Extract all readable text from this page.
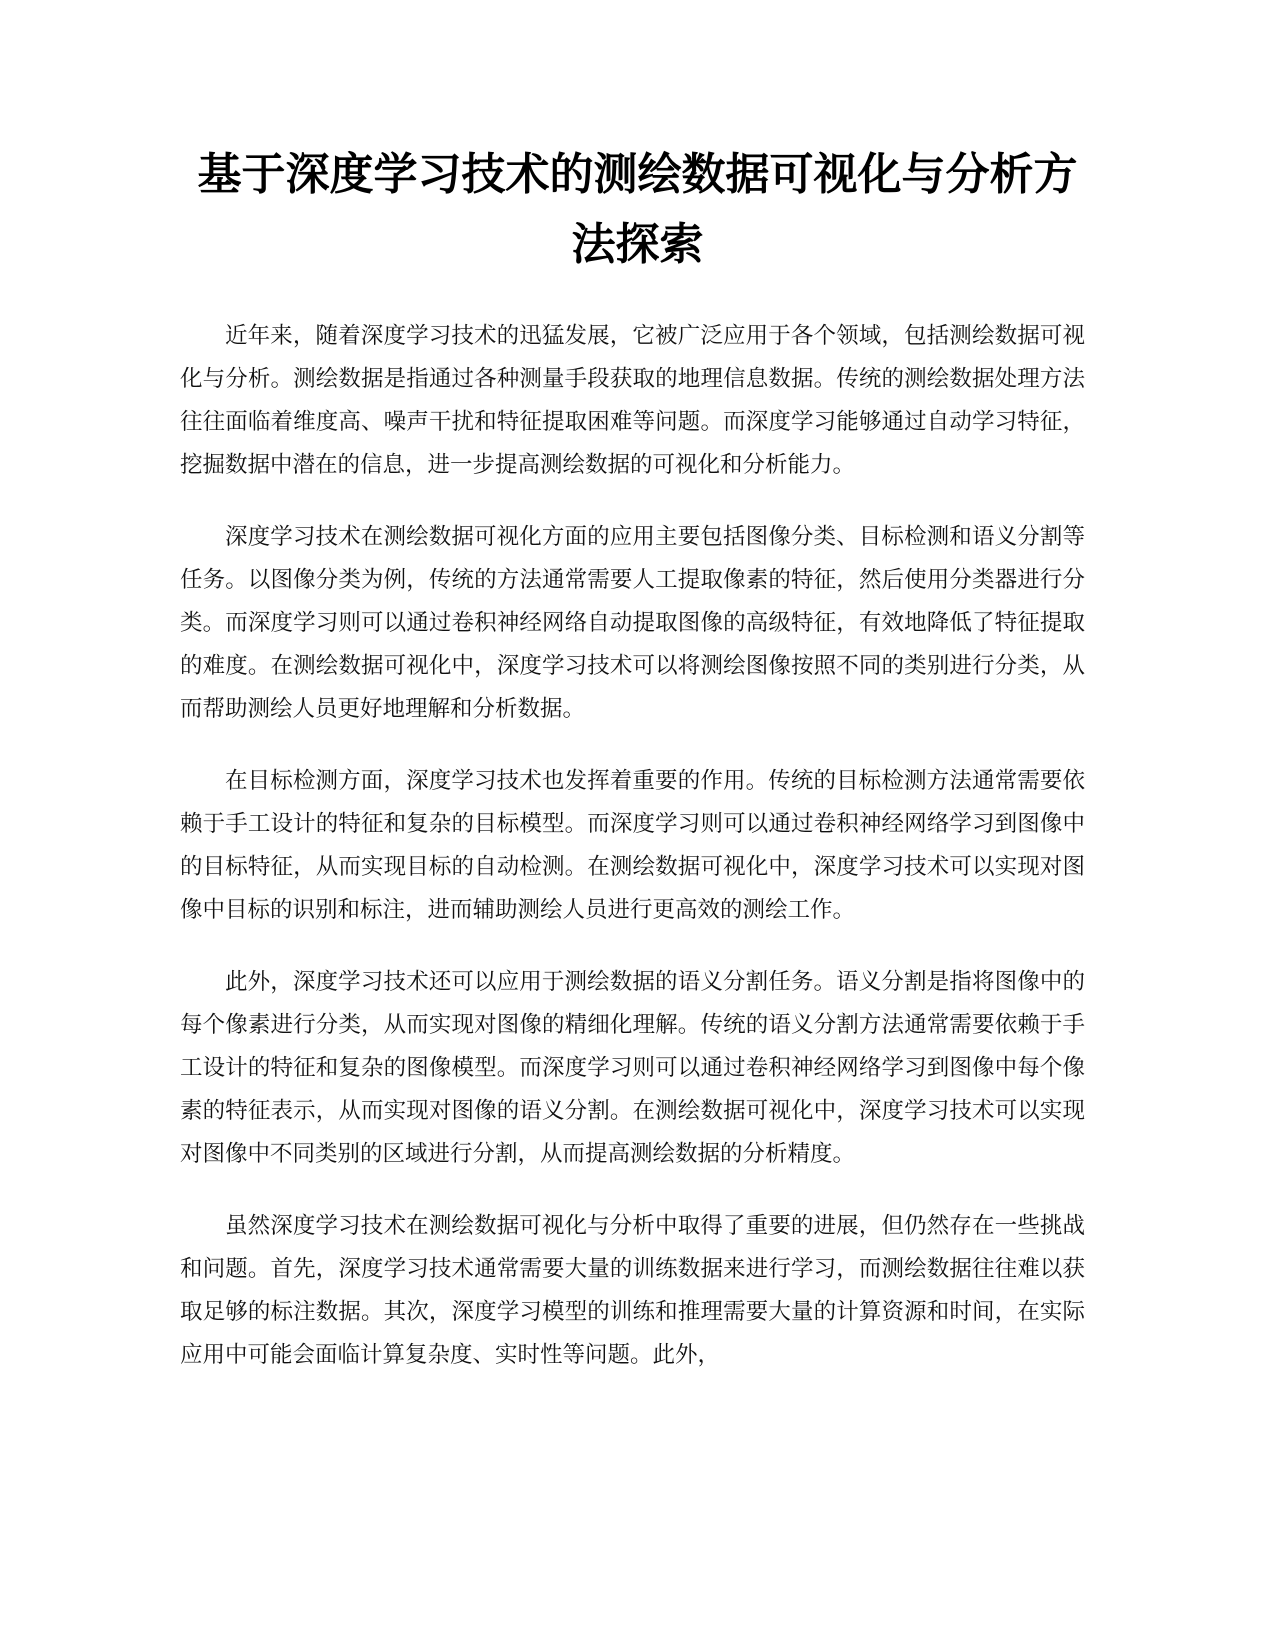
基于深度学习技术的测绘数据可视化与分析方法探索

近年来，随着深度学习技术的迅猛发展，它被广泛应用于各个领域，包括测绘数据可视化与分析。测绘数据是指通过各种测量手段获取的地理信息数据。传统的测绘数据处理方法往往面临着维度高、噪声干扰和特征提取困难等问题。而深度学习能够通过自动学习特征，挖掘数据中潜在的信息，进一步提高测绘数据的可视化和分析能力。

深度学习技术在测绘数据可视化方面的应用主要包括图像分类、目标检测和语义分割等任务。以图像分类为例，传统的方法通常需要人工提取像素的特征，然后使用分类器进行分类。而深度学习则可以通过卷积神经网络自动提取图像的高级特征，有效地降低了特征提取的难度。在测绘数据可视化中，深度学习技术可以将测绘图像按照不同的类别进行分类，从而帮助测绘人员更好地理解和分析数据。

在目标检测方面，深度学习技术也发挥着重要的作用。传统的目标检测方法通常需要依赖于手工设计的特征和复杂的目标模型。而深度学习则可以通过卷积神经网络学习到图像中的目标特征，从而实现目标的自动检测。在测绘数据可视化中，深度学习技术可以实现对图像中目标的识别和标注，进而辅助测绘人员进行更高效的测绘工作。

此外，深度学习技术还可以应用于测绘数据的语义分割任务。语义分割是指将图像中的每个像素进行分类，从而实现对图像的精细化理解。传统的语义分割方法通常需要依赖于手工设计的特征和复杂的图像模型。而深度学习则可以通过卷积神经网络学习到图像中每个像素的特征表示，从而实现对图像的语义分割。在测绘数据可视化中，深度学习技术可以实现对图像中不同类别的区域进行分割，从而提高测绘数据的分析精度。

虽然深度学习技术在测绘数据可视化与分析中取得了重要的进展，但仍然存在一些挑战和问题。首先，深度学习技术通常需要大量的训练数据来进行学习，而测绘数据往往难以获取足够的标注数据。其次，深度学习模型的训练和推理需要大量的计算资源和时间，在实际应用中可能会面临计算复杂度、实时性等问题。此外，
